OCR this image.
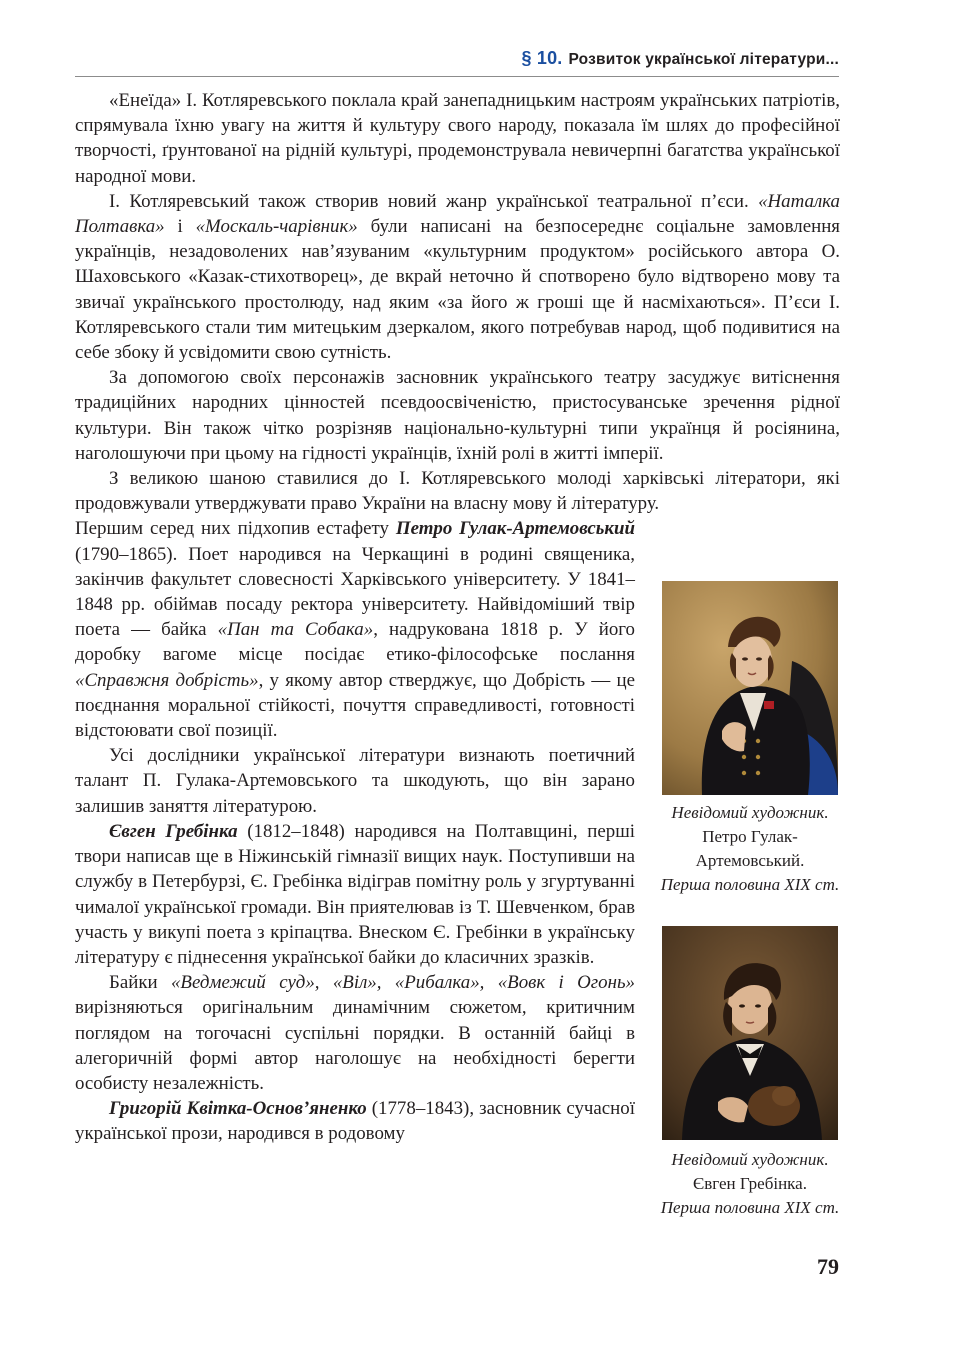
§ 10. Розвиток української літератури...

«Енеїда» І. Котляревського поклала край занепадницьким настроям українських патріотів, спрямувала їхню увагу на життя й культуру свого народу, показала їм шлях до професійної творчості, ґрунтованої на рідній культурі, продемонструвала невичерпні багатства української народної мови.

І. Котляревський також створив новий жанр української театральної п’єси. «Наталка Полтавка» і «Москаль-чарівник» були написані на безпосереднє соціальне замовлення українців, незадоволених нав’язуваним «культурним продуктом» російського автора О. Шаховського «Казак-стихотворец», де вкрай неточно й спотворено було відтворено мову та звичаї українського простолюду, над яким «за його ж гроші ще й насміхаються». П’єси І. Котляревського стали тим митецьким дзеркалом, якого потребував народ, щоб подивитися на себе збоку й усвідомити свою сутність.

За допомогою своїх персонажів засновник українського театру засуджує витіснення традиційних народних цінностей псевдоосвіченістю, пристосуванське зречення рідної культури. Він також чітко розрізняв національно-культурні типи українця й росіянина, наголошуючи при цьому на гідності українців, їхній ролі в житті імперії.

З великою шаною ставилися до І. Котляревського молоді харківські літератори, які продовжували утверджувати право України на власну мову й літературу.

Першим серед них підхопив естафету Петро Гулак-Артемовський (1790–1865). Поет народився на Черкащині в родині священика, закінчив факультет словесності Харківського університету. У 1841–1848 рр. обіймав посаду ректора університету. Найвідоміший твір поета — байка «Пан та Собака», надрукована 1818 р. У його доробку вагоме місце посідає етико-філософське послання «Справжня добрість», у якому автор стверджує, що Добрість — це поєднання моральної стійкості, почуття справедливості, готовності відстоювати свої позиції.

Усі дослідники української літератури визнають поетичний талант П. Гулака-Артемовського та шкодують, що він зарано залишив заняття літературою.

Євген Гребінка (1812–1848) народився на Полтавщині, перші твори написав ще в Ніжинській гімназії вищих наук. Поступивши на службу в Петербурзі, Є. Гребінка відіграв помітну роль у згуртуванні чималої української громади. Він приятелював із Т. Шевченком, брав участь у викупі поета з кріпацтва. Внеском Є. Гребінки в українську літературу є піднесення української байки до класичних зразків.

Байки «Ведмежий суд», «Віл», «Рибалка», «Вовк і Огонь» вирізняються оригінальним динамічним сюжетом, критичним поглядом на тогочасні суспільні порядки. В останній байці в алегоричній формі автор наголошує на необхідності берегти особисту незалежність.

Григорій Квітка-Основ’яненко (1778–1843), засновник сучасної української прози, народився в родовому

Невідомий художник. Петро Гулак-Артемовський.
Перша половина XIX ст.
Невідомий художник. Євген Гребінка.
Перша половина XIX ст.
79
